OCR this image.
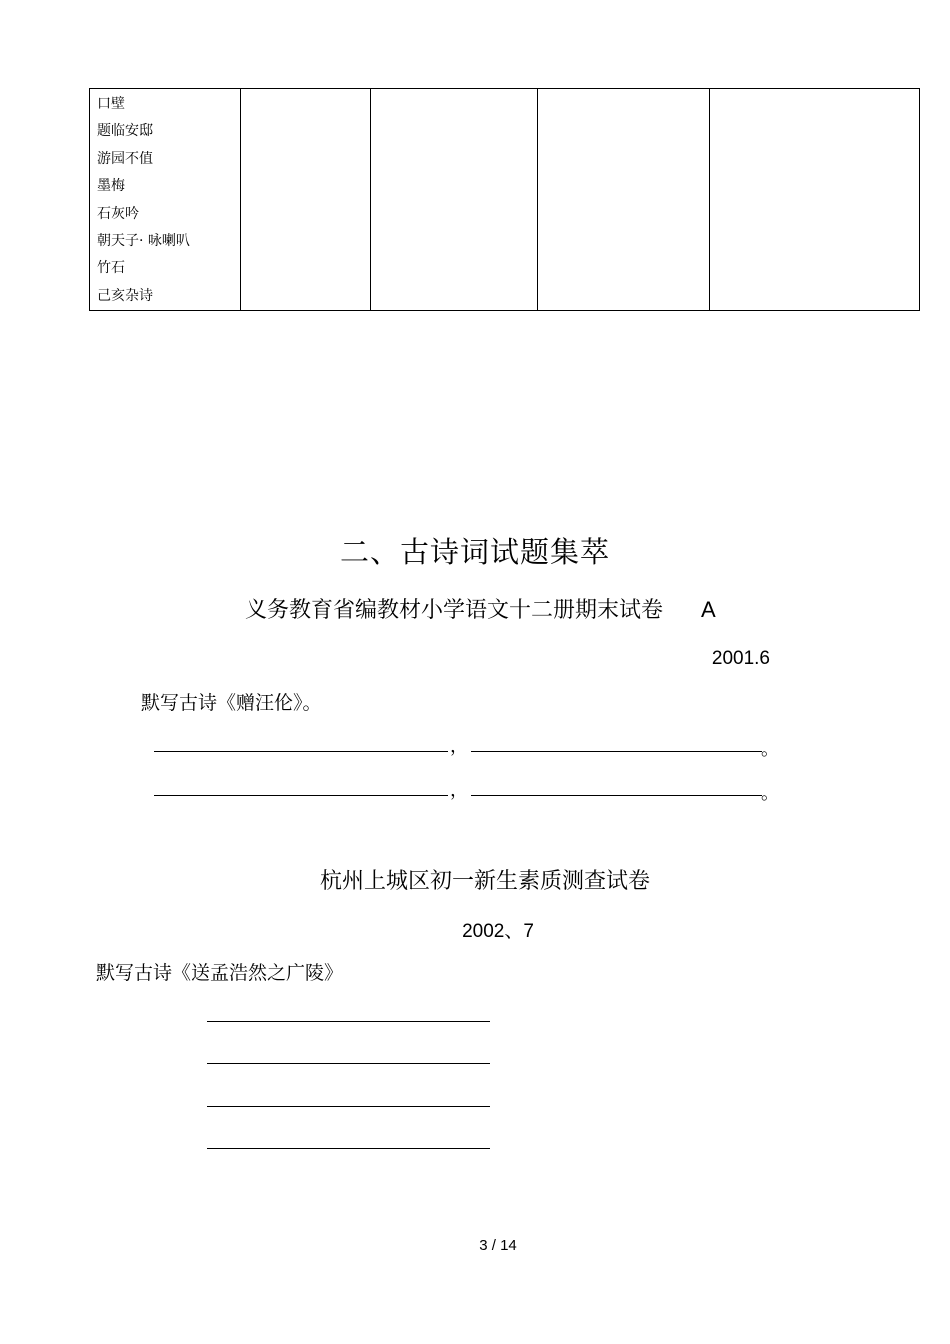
口壁
题临安邸
游园不值
墨梅
石灰吟
朝天子· 咏喇叭
竹石
己亥杂诗

二、古诗词试题集萃
义务教育省编教材小学语文十二册期末试卷 A
2001.6
默写古诗《赠汪伦》。
，	。
，	。
杭州上城区初一新生素质测查试卷
2002、7
默写古诗《送孟浩然之广陵》
3 / 14
